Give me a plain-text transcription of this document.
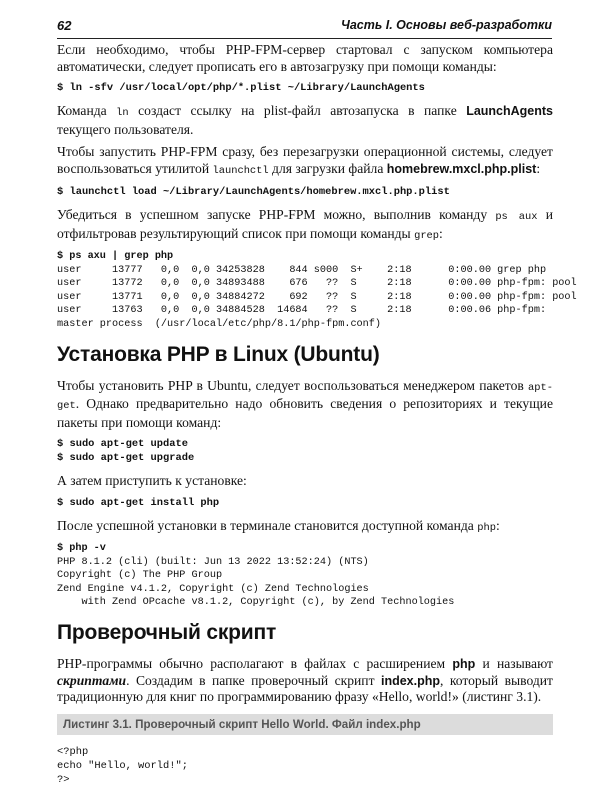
62	Часть I. Основы веб-разработки

Если необходимо, чтобы PHP-FPM-сервер стартовал с запуском компьютера автоматически, следует прописать его в автозагрузку при помощи команды:

$ ln -sfv /usr/local/opt/php/*.plist ~/Library/LaunchAgents

Команда ln создаст ссылку на plist-файл автозапуска в папке LaunchAgents текущего пользователя.

Чтобы запустить PHP-FPM сразу, без перезагрузки операционной системы, следует воспользоваться утилитой launchctl для загрузки файла homebrew.mxcl.php.plist:

$ launchctl load ~/Library/LaunchAgents/homebrew.mxcl.php.plist

Убедиться в успешном запуске PHP-FPM можно, выполнив команду ps aux и отфильтровав результирующий список при помощи команды grep:

$ ps axu | grep php
user     13777   0,0  0,0 34253828    844 s000  S+    2:18      0:00.00 grep php
user     13772   0,0  0,0 34893488    676   ??  S     2:18      0:00.00 php-fpm: pool
user     13771   0,0  0,0 34884272    692   ??  S     2:18      0:00.00 php-fpm: pool
user     13763   0,0  0,0 34884528  14684   ??  S     2:18      0:00.06 php-fpm:
master process  (/usr/local/etc/php/8.1/php-fpm.conf)
Установка PHP в Linux (Ubuntu)

Чтобы установить PHP в Ubuntu, следует воспользоваться менеджером пакетов apt-get. Однако предварительно надо обновить сведения о репозиториях и текущие пакеты при помощи команд:

$ sudo apt-get update
$ sudo apt-get upgrade

А затем приступить к установке:

$ sudo apt-get install php

После успешной установки в терминале становится доступной команда php:

$ php -v
PHP 8.1.2 (cli) (built: Jun 13 2022 13:52:24) (NTS)
Copyright (c) The PHP Group
Zend Engine v4.1.2, Copyright (c) Zend Technologies
with Zend OPcache v8.1.2, Copyright (c), by Zend Technologies
Проверочный скрипт

PHP-программы обычно располагают в файлах с расширением php и называют скриптами. Создадим в папке проверочный скрипт index.php, который выводит традиционную для книг по программированию фразу «Hello, world!» (листинг 3.1).

Листинг 3.1. Проверочный скрипт Hello World. Файл index.php
<?php
echo "Hello, world!";
?>
